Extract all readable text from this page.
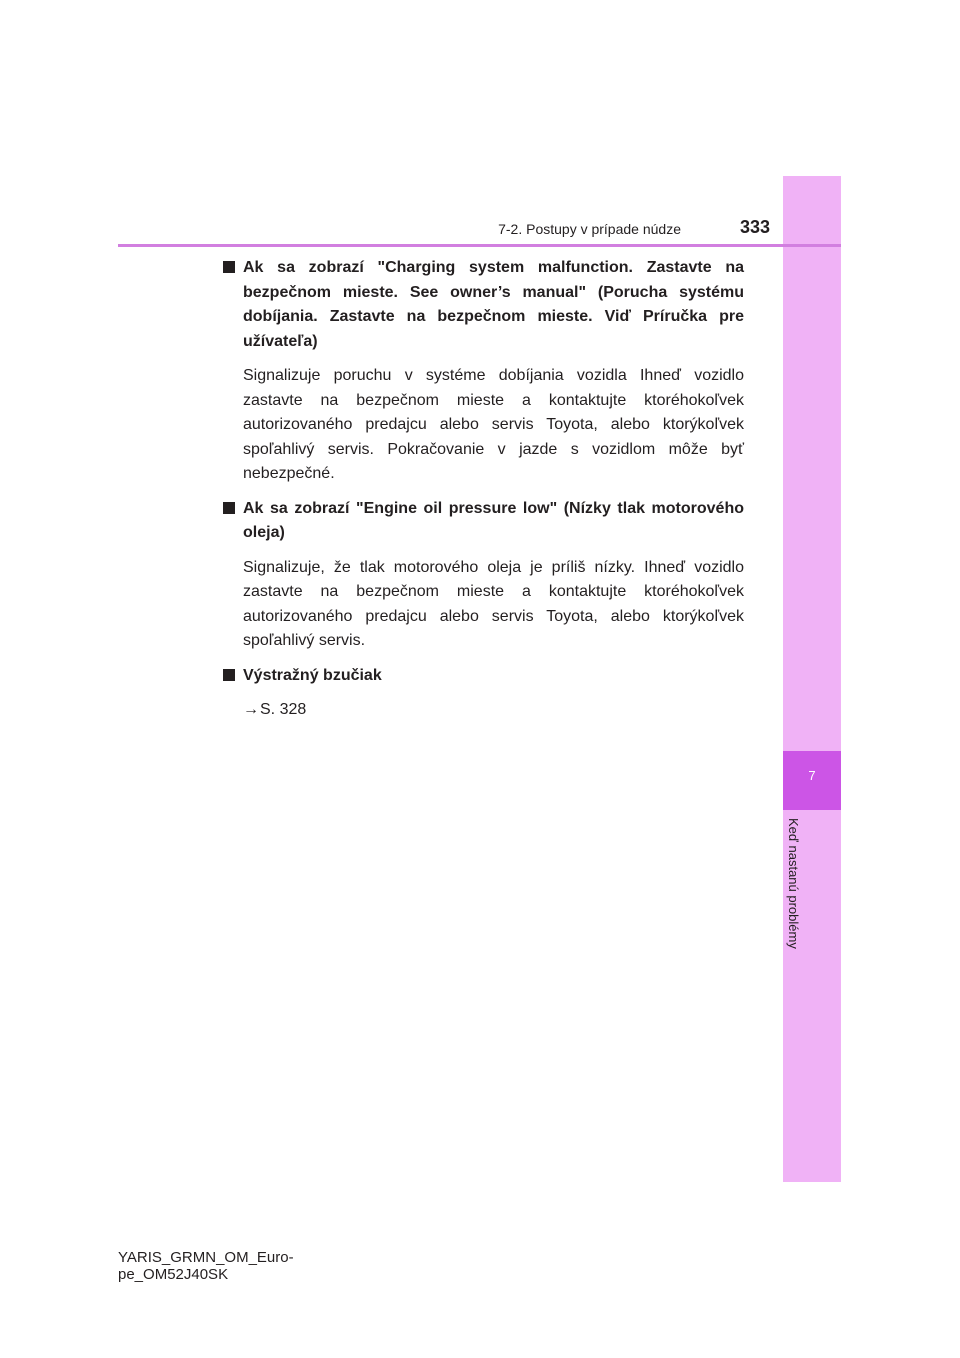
7
Keď nastanú problémy
7-2. Postupy v prípade núdze	333

Ak sa zobrazí "Charging system malfunction. Zastavte na bezpečnom mieste. See owner’s manual" (Porucha systému dobíjania. Zastavte na bezpečnom mieste. Viď Príručka pre užívateľa)

Signalizuje poruchu v systéme dobíjania vozidla Ihneď vozidlo zastavte na bezpečnom mieste a kontaktujte ktoréhokoľvek autorizovaného predajcu alebo servis Toyota, alebo ktorýkoľvek spoľahlivý servis. Pokračovanie v jazde s vozidlom môže byť nebezpečné.

Ak sa zobrazí "Engine oil pressure low" (Nízky tlak motorového oleja)

Signalizuje, že tlak motorového oleja je príliš nízky. Ihneď vozidlo zastavte na bezpečnom mieste a kontaktujte ktoréhokoľvek autorizovaného predajcu alebo servis Toyota, alebo ktorýkoľvek spoľahlivý servis.

Výstražný bzučiak

→S. 328

YARIS_GRMN_OM_Euro-
pe_OM52J40SK
